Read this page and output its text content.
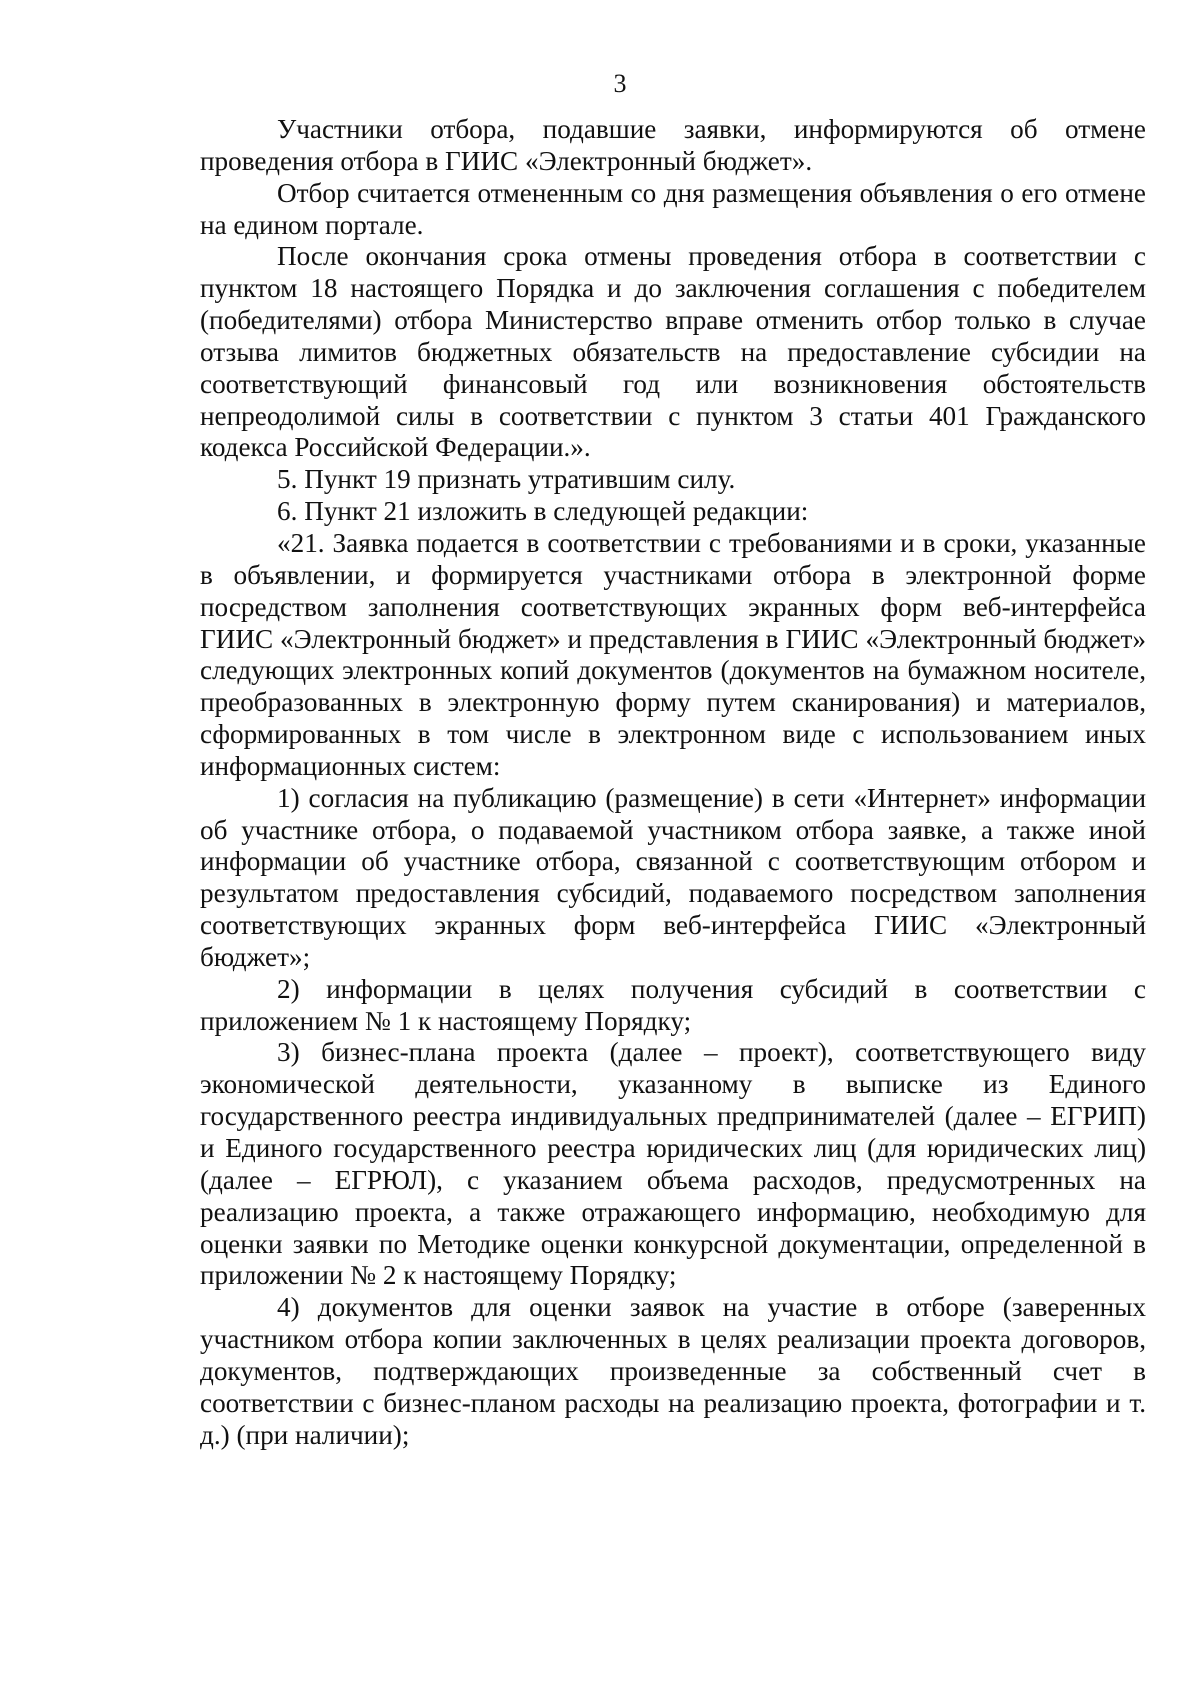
3

Участники отбора, подавшие заявки, информируются об отмене проведения отбора в ГИИС «Электронный бюджет».

Отбор считается отмененным со дня размещения объявления о его отмене на едином портале.

После окончания срока отмены проведения отбора в соответствии с пунктом 18 настоящего Порядка и до заключения соглашения с победителем (победителями) отбора Министерство вправе отменить отбор только в случае отзыва лимитов бюджетных обязательств на предоставление субсидии на соответствующий финансовый год или возникновения обстоятельств непреодолимой силы в соответствии с пунктом 3 статьи 401 Гражданского кодекса Российской Федерации.».

5. Пункт 19 признать утратившим силу.

6. Пункт 21 изложить в следующей редакции:

«21. Заявка подается в соответствии с требованиями и в сроки, указанные в объявлении, и формируется участниками отбора в электронной форме посредством заполнения соответствующих экранных форм веб-интерфейса ГИИС «Электронный бюджет» и представления в ГИИС «Электронный бюджет» следующих электронных копий документов (документов на бумажном носителе, преобразованных в электронную форму путем сканирования) и материалов, сформированных в том числе в электронном виде с использованием иных информационных систем:

1) согласия на публикацию (размещение) в сети «Интернет» информации об участнике отбора, о подаваемой участником отбора заявке, а также иной информации об участнике отбора, связанной с соответствующим отбором и результатом предоставления субсидий, подаваемого посредством заполнения соответствующих экранных форм веб-интерфейса ГИИС «Электронный бюджет»;

2) информации в целях получения субсидий в соответствии с приложением № 1 к настоящему Порядку;

3) бизнес-плана проекта (далее – проект), соответствующего виду экономической деятельности, указанному в выписке из Единого государственного реестра индивидуальных предпринимателей (далее – ЕГРИП) и Единого государственного реестра юридических лиц (для юридических лиц) (далее – ЕГРЮЛ), с указанием объема расходов, предусмотренных на реализацию проекта, а также отражающего информацию, необходимую для оценки заявки по Методике оценки конкурсной документации, определенной в приложении № 2 к настоящему Порядку;

4) документов для оценки заявок на участие в отборе (заверенных участником отбора копии заключенных в целях реализации проекта договоров, документов, подтверждающих произведенные за собственный счет в соответствии с бизнес-планом расходы на реализацию проекта, фотографии и т. д.) (при наличии);
